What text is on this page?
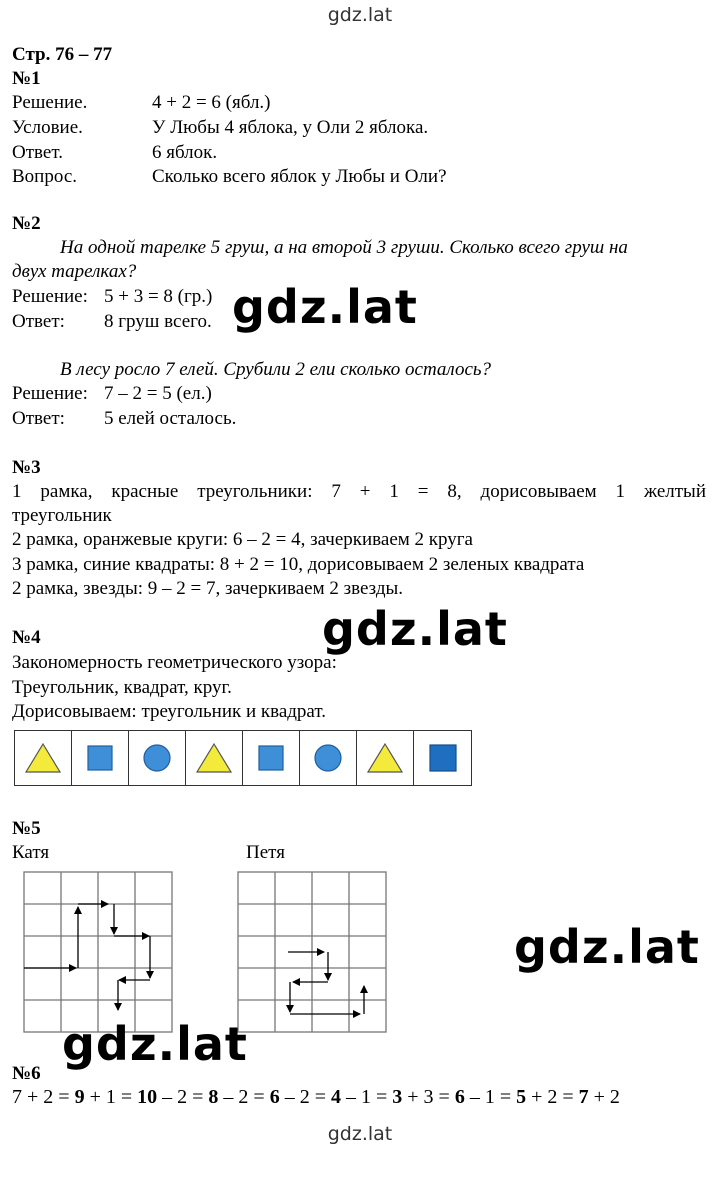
gdz.lat
Стр. 76 – 77
№1
Решение.	4 + 2 = 6 (ябл.)
Условие.	У Любы 4 яблока, у Оли 2 яблока.
Ответ.	6 яблок.
Вопрос.	Сколько всего яблок у Любы и Оли?
№2
На одной тарелке 5 груш, а на второй 3 груши. Сколько всего груш на
двух тарелках?
Решение: 5 + 3 = 8 (гр.)
Ответ: 8 груш всего.
В лесу росло 7 елей. Срубили 2 ели сколько осталось?
Решение: 7 – 2 = 5 (ел.)
Ответ: 5 елей осталось.
№3
1 рамка, красные треугольники: 7 + 1 = 8, дорисовываем 1 желтый
треугольник
2 рамка, оранжевые круги: 6 – 2 = 4, зачеркиваем 2 круга
3 рамка, синие квадраты: 8 + 2 = 10, дорисовываем 2 зеленых квадрата
2 рамка, звезды: 9 – 2 = 7, зачеркиваем 2 звезды.
№4
Закономерность геометрического узора:
Треугольник, квадрат, круг.
Дорисовываем: треугольник и квадрат.
№5
Катя	Петя
№6
7 + 2 = 9 + 1 = 10 – 2 = 8 – 2 = 6 – 2 = 4 – 1 = 3 + 3 = 6 – 1 = 5 + 2 = 7 + 2
gdz.lat
gdz.lat
gdz.lat
gdz.lat
gdz.lat
